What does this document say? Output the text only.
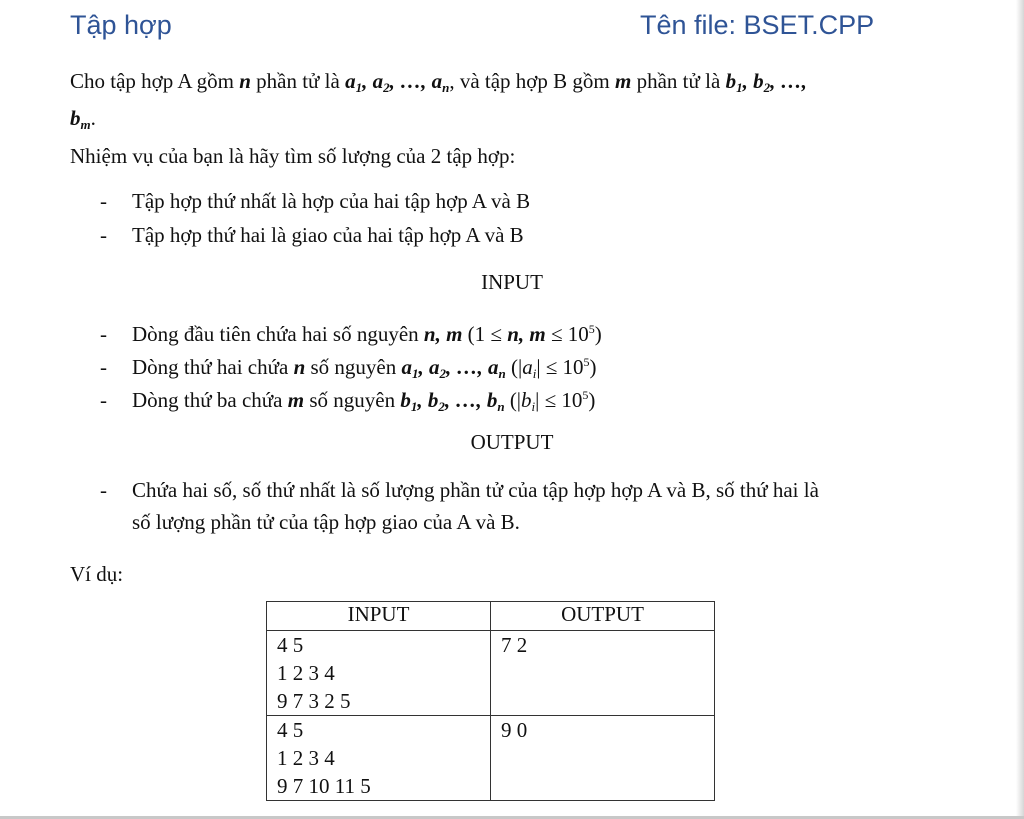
Tập hợp	Tên file: BSET.CPP
Cho tập hợp A gồm n phần tử là $a_1$, $a_2$, …, $a_n$, và tập hợp B gồm m phần tử là $b_1$, $b_2$, …,
$b_m$.
Nhiệm vụ của bạn là hãy tìm số lượng của 2 tập hợp:
- Tập hợp thứ nhất là hợp của hai tập hợp A và B
- Tập hợp thứ hai là giao của hai tập hợp A và B
INPUT
- Dòng đầu tiên chứa hai số nguyên n, m (1 ≤ n, $m \le 10^5$)
- Dòng thứ hai chứa n số nguyên $a_1$, $a_2$, …, $a_n$ $(|a_i| \le 10^5)$
- Dòng thứ ba chứa m số nguyên $b_1$, $b_2$, …, $b_n$ $(|b_i| \le 10^5)$
OUTPUT
- Chứa hai số, số thứ nhất là số lượng phần tử của tập hợp hợp A và B, số thứ hai là
số lượng phần tử của tập hợp giao của A và B.
Ví dụ:
INPUT	OUTPUT

4 5
1 2 3 4
9 7 3 2 5	7 2

4 5
1 2 3 4
9 7 10 11 5	9 0
